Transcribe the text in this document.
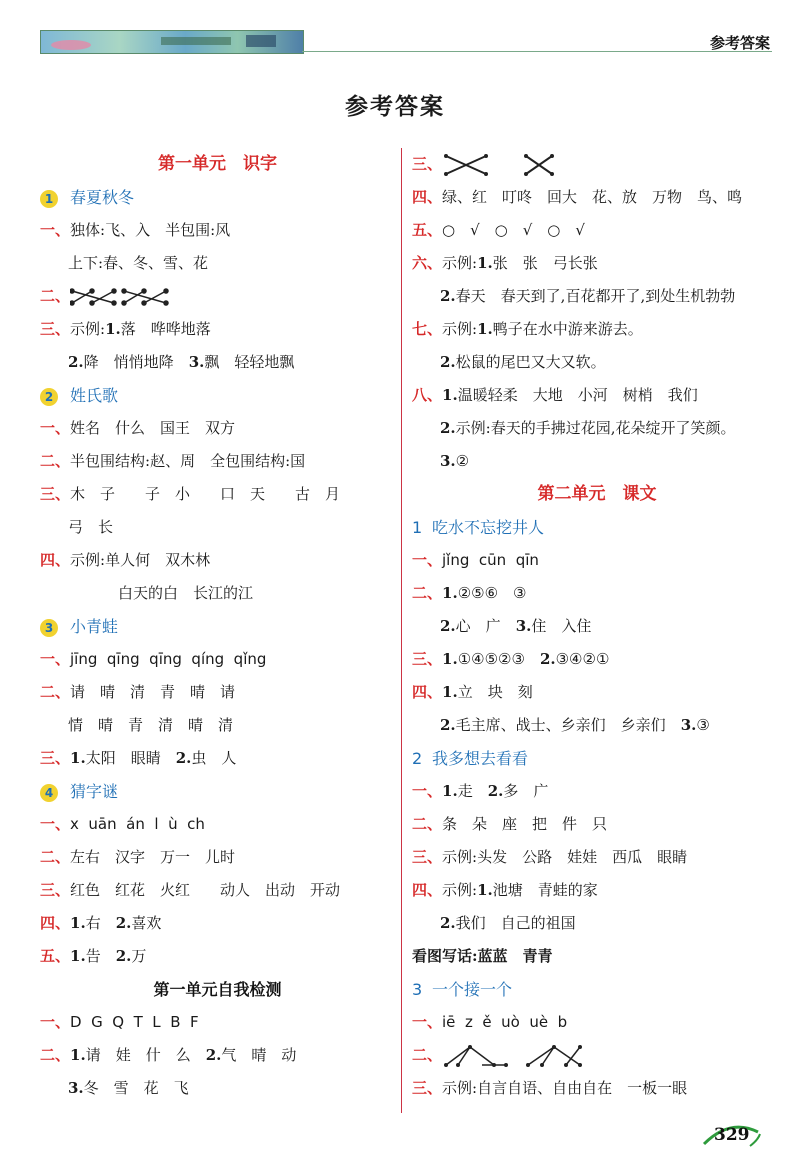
参考答案
参考答案
第一单元　识字
1 春夏秋冬
一、独体:飞、入　半包围:风
上下:春、冬、雪、花
二、
三、示例:1.落　哗哗地落
2.降　悄悄地降　3.飘　轻轻地飘
2 姓氏歌
一、姓名　什么　国王　双方
二、半包围结构:赵、周　全包围结构:国
三、木　子　　子　小　　口　天　　古　月
弓　长
四、示例:单人何　双木林
白天的白　长江的江
3 小青蛙
一、jīng  qīng  qīng  qíng  qǐng
二、请　晴　清　青　晴　请
情　晴　青　清　晴　清
三、1.太阳　眼睛　2.虫　人
4 猜字谜
一、x  uān  án  l  ù  ch
二、左右　汉字　万一　儿时
三、红色　红花　火红　　动人　出动　开动
四、1.右　2.喜欢
五、1.告　2.万
第一单元自我检测
一、D  G  Q  T  L  B  F
二、1.请　娃　什　么　2.气　晴　动
3.冬　雪　花　飞
三、
四、绿、红　叮咚　回大　花、放　万物　鸟、鸣
五、○　√　○　√　○　√
六、示例:1.张　张　弓长张
2.春天　春天到了,百花都开了,到处生机勃勃
七、示例:1.鸭子在水中游来游去。
2.松鼠的尾巴又大又软。
八、1.温暖轻柔　大地　小河　树梢　我们
2.示例:春天的手拂过花园,花朵绽开了笑颜。
3.②
第二单元　课文
1 吃水不忘挖井人
一、jǐng  cūn  qīn
二、1.②⑤⑥　③
2.心　广　3.住　入住
三、1.①④⑤②③　2.③④②①
四、1.立　块　刻
2.毛主席、战士、乡亲们　乡亲们　3.③
2 我多想去看看
一、1.走　2.多　广
二、条　朵　座　把　件　只
三、示例:头发　公路　娃娃　西瓜　眼睛
四、示例:1.池塘　青蛙的家
2.我们　自己的祖国
看图写话:蓝蓝　青青
3 一个接一个
一、iē  z  ě  uò  uè  b
二、
三、示例:自言自语、自由自在　一板一眼
329
